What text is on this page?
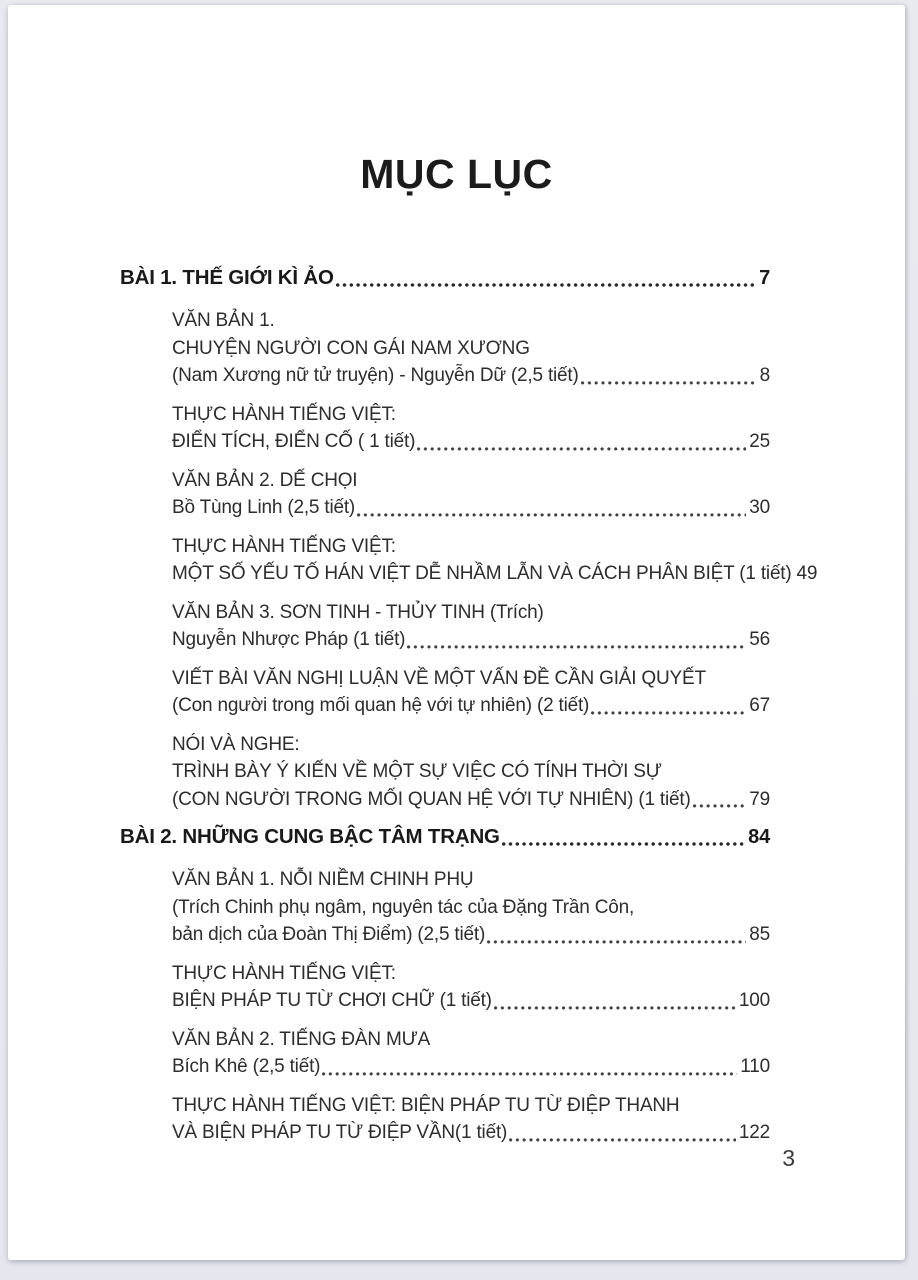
MỤC LỤC
BÀI 1. THẾ GIỚI KÌ ẢO	7
VĂN BẢN 1.
CHUYỆN NGƯỜI CON GÁI NAM XƯƠNG
(Nam Xương nữ tử truyện) - Nguyễn Dữ (2,5 tiết)	8
THỰC HÀNH TIẾNG VIỆT:
ĐIỂN TÍCH, ĐIỂN CỐ ( 1 tiết)	25
VĂN BẢN 2. DẾ CHỌI
Bồ Tùng Linh (2,5 tiết)	30
THỰC HÀNH TIẾNG VIỆT:
MỘT SỐ YẾU TỐ HÁN VIỆT DỄ NHẦM LẪN VÀ CÁCH PHÂN BIỆT (1 tiết) 49
VĂN BẢN 3. SƠN TINH - THỦY TINH (Trích)
Nguyễn Nhược Pháp (1 tiết)	56
VIẾT BÀI VĂN NGHỊ LUẬN VỀ MỘT VẤN ĐỀ CẦN GIẢI QUYẾT
(Con người trong mối quan hệ với tự nhiên) (2 tiết)	67
NÓI VÀ NGHE:
TRÌNH BÀY Ý KIẾN VỀ MỘT SỰ VIỆC CÓ TÍNH THỜI SỰ
(CON NGƯỜI TRONG MỐI QUAN HỆ VỚI TỰ NHIÊN) (1 tiết)	79
BÀI 2. NHỮNG CUNG BẬC TÂM TRẠNG	84
VĂN BẢN 1. NỖI NIỀM CHINH PHỤ
(Trích Chinh phụ ngâm, nguyên tác của Đặng Trần Côn,
bản dịch của Đoàn Thị Điểm) (2,5 tiết)	85
THỰC HÀNH TIẾNG VIỆT:
BIỆN PHÁP TU TỪ CHƠI CHỮ (1 tiết)	100
VĂN BẢN 2. TIẾNG ĐÀN MƯA
Bích Khê (2,5 tiết)	110
THỰC HÀNH TIẾNG VIỆT: BIỆN PHÁP TU TỪ ĐIỆP THANH
VÀ BIỆN PHÁP TU TỪ ĐIỆP VẦN(1 tiết)	122
3
